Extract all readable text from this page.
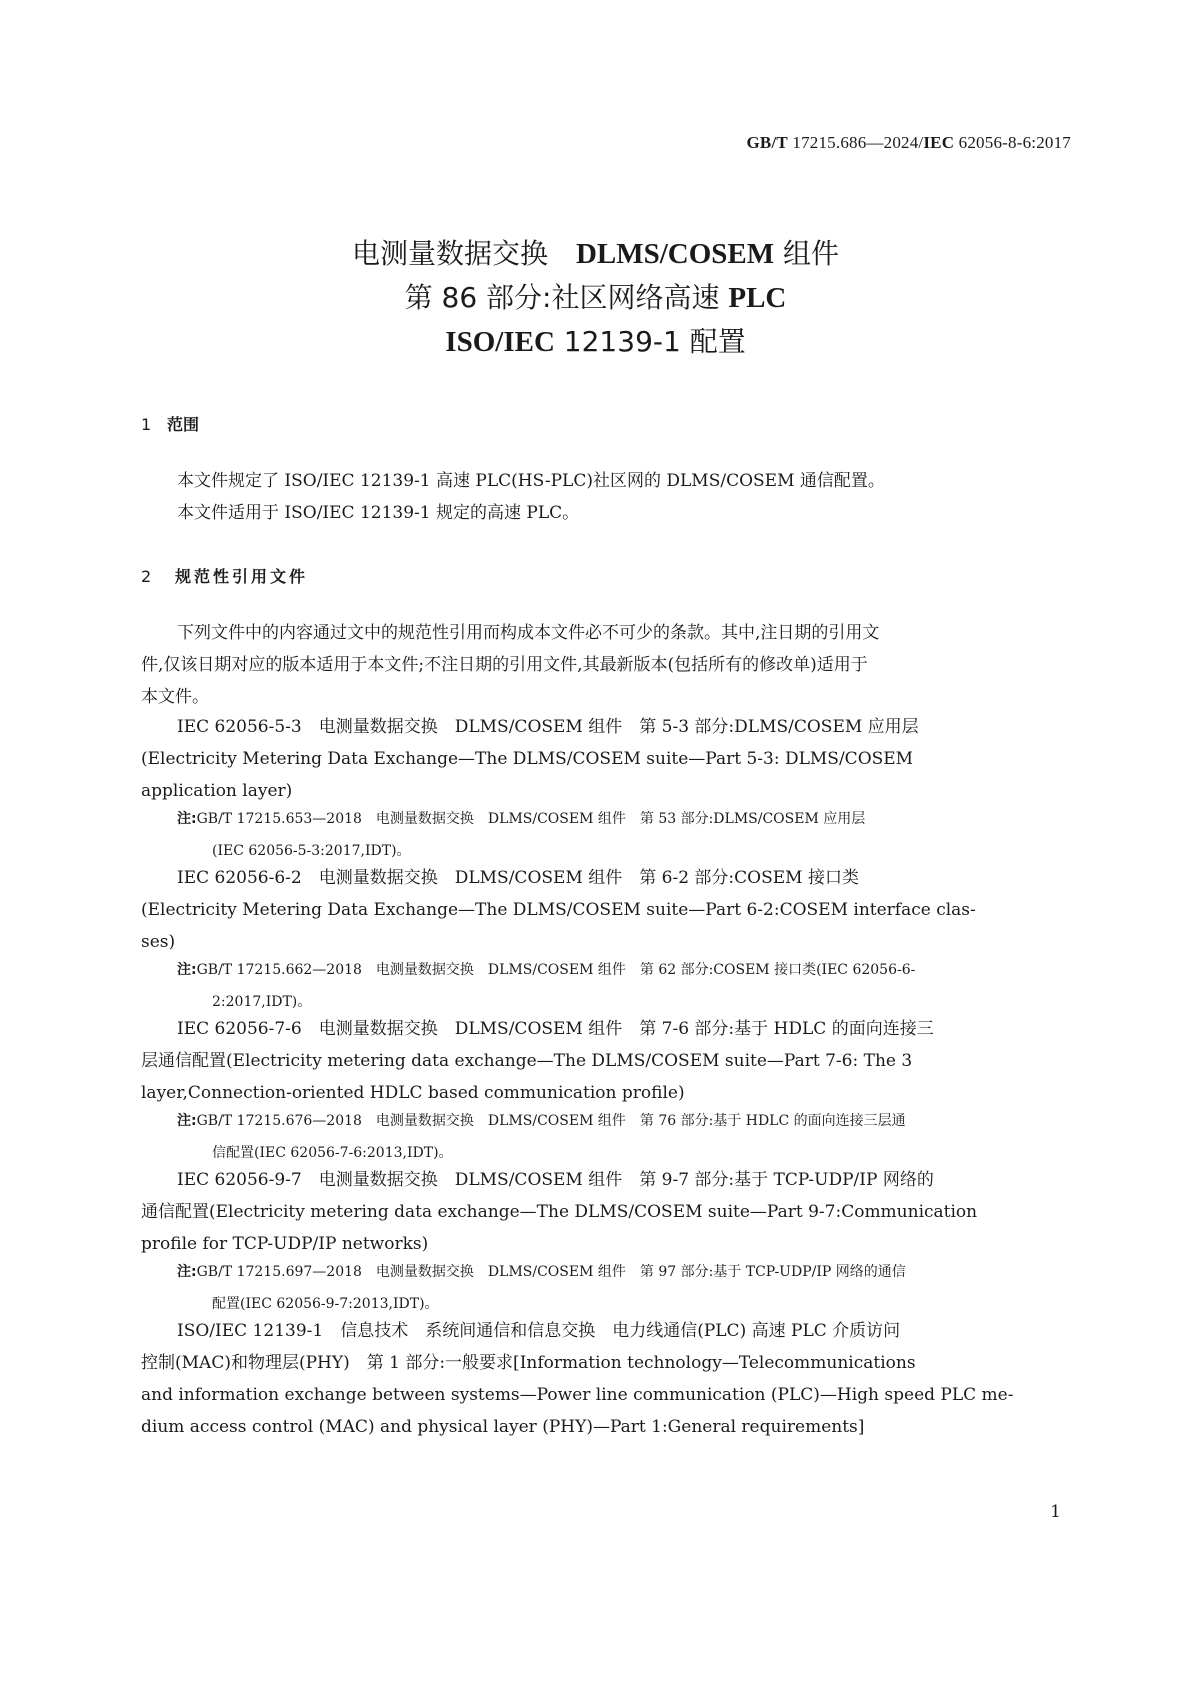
GB/T 17215.686—2024/IEC 62056-8-6:2017
电测量数据交换　DLMS/COSEM 组件
第 86 部分:社区网络高速 PLC
ISO/IEC 12139-1 配置
1 范围
本文件规定了 ISO/IEC 12139-1 高速 PLC(HS-PLC)社区网的 DLMS/COSEM 通信配置。
本文件适用于 ISO/IEC 12139-1 规定的高速 PLC。
2 规范性引用文件
下列文件中的内容通过文中的规范性引用而构成本文件必不可少的条款。其中,注日期的引用文
件,仅该日期对应的版本适用于本文件;不注日期的引用文件,其最新版本(包括所有的修改单)适用于
本文件。
IEC 62056-5-3　电测量数据交换　DLMS/COSEM 组件　第 5-3 部分:DLMS/COSEM 应用层
(Electricity Metering Data Exchange—The DLMS/COSEM suite—Part 5-3: DLMS/COSEM
application layer)
注:GB/T 17215.653—2018　电测量数据交换　DLMS/COSEM 组件　第 53 部分:DLMS/COSEM 应用层
(IEC 62056-5-3:2017,IDT)。
IEC 62056-6-2　电测量数据交换　DLMS/COSEM 组件　第 6-2 部分:COSEM 接口类
(Electricity Metering Data Exchange—The DLMS/COSEM suite—Part 6-2:COSEM interface clas-
ses)
注:GB/T 17215.662—2018　电测量数据交换　DLMS/COSEM 组件　第 62 部分:COSEM 接口类(IEC 62056-6-
2:2017,IDT)。
IEC 62056-7-6　电测量数据交换　DLMS/COSEM 组件　第 7-6 部分:基于 HDLC 的面向连接三
层通信配置(Electricity metering data exchange—The DLMS/COSEM suite—Part 7-6: The 3
layer,Connection-oriented HDLC based communication profile)
注:GB/T 17215.676—2018　电测量数据交换　DLMS/COSEM 组件　第 76 部分:基于 HDLC 的面向连接三层通
信配置(IEC 62056-7-6:2013,IDT)。
IEC 62056-9-7　电测量数据交换　DLMS/COSEM 组件　第 9-7 部分:基于 TCP-UDP/IP 网络的
通信配置(Electricity metering data exchange—The DLMS/COSEM suite—Part 9-7:Communication
profile for TCP-UDP/IP networks)
注:GB/T 17215.697—2018　电测量数据交换　DLMS/COSEM 组件　第 97 部分:基于 TCP-UDP/IP 网络的通信
配置(IEC 62056-9-7:2013,IDT)。
ISO/IEC 12139-1　信息技术　系统间通信和信息交换　电力线通信(PLC) 高速 PLC 介质访问
控制(MAC)和物理层(PHY)　第 1 部分:一般要求[Information technology—Telecommunications
and information exchange between systems—Power line communication (PLC)—High speed PLC me-
dium access control (MAC) and physical layer (PHY)—Part 1:General requirements]
1
